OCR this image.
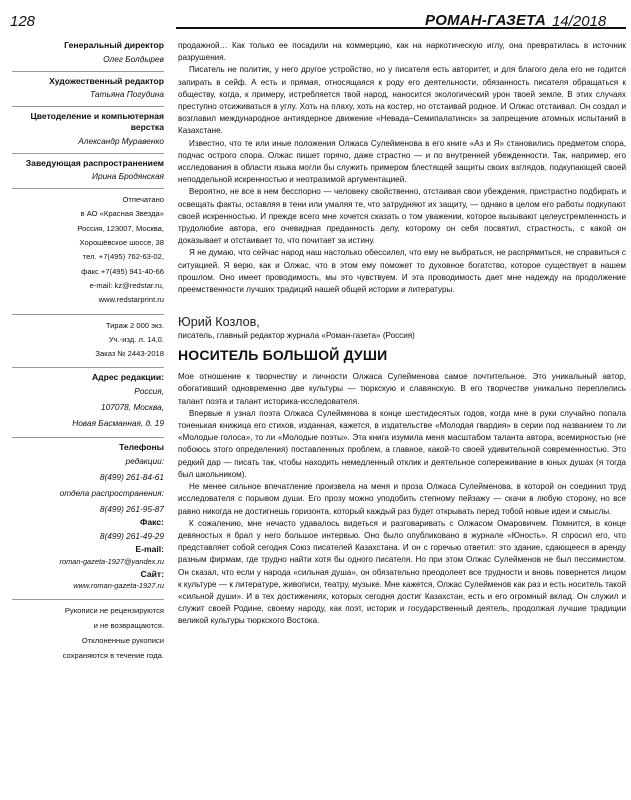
128	РОМАН-ГАЗЕТА 14/2018

Генеральный директор

Олег Болдырев

Художественный редактор

Татьяна Погудина

Цветоделение и компьютерная верстка

Александр Муравенко

Заведующая распространением

Ирина Бродянская

Отпечатано

в АО «Красная Звезда»

Россия, 123007, Москва,

Хорошёвское шоссе, 38

тел. +7(495) 762-63-02,

факс +7(495) 941-40-66

e-mail: kz@redstar.ru,

www.redstarprint.ru

Тираж 2 000 экз.

Уч.-изд. л. 14,0.

Заказ № 2443-2018

Адрес редакции:

Россия,

107078, Москва,

Новая Басманная, д. 19

Телефоны

редакции:

8(499) 261-84-61

отдела распространения:

8(499) 261-95-87

Факс:

8(499) 261-49-29

E-mail:

roman-gazeta-1927@yandex.ru

Сайт:

www.roman-gazeta-1927.ru

Рукописи не рецензируются

и не возвращаются.

Отклоненные рукописи

сохраняются в течение года.

продажной… Как только ее посадили на коммерцию, как на наркотическую иглу, она превратилась в источник разрушения.

Писатель не политик, у него другое устройство, но у писателя есть авторитет, и для благого дела его не годится запирать в сейф. А есть и прямая, относящаяся к роду его деятельности, обязанность писателя обращаться к обществу, когда, к примеру, истребляется твой народ, наносится экологический урон твоей земле. В этих случаях преступно отсиживаться в углу. Хоть на плаху, хоть на костер, но отстаивай родное. И Олжас отстаивал. Он создал и возглавил международное антиядерное движение «Невада–Семипалатинск» за запрещение атомных испытаний в Казахстане.

Известно, что те или иные положения Олжаса Сулейменова в его книге «Аз и Я» становились предметом спора, подчас острого спора. Олжас пишет горячо, даже страстно — и по внутренней убежденности. Так, например, его исследования в области языка могли бы служить примером блестящей защиты своих взглядов, подкупающей своей неподдельной искренностью и неотразимой аргументацией.

Вероятно, не все в нем бесспорно — человеку свойственно, отстаивая свои убеждения, пристрастно подбирать и освещать факты, оставляя в тени или умаляя те, что затрудняют их защиту, — однако в целом его работы подкупают своей искренностью. И прежде всего мне хочется сказать о том уважении, которое вызывают целеустремленность и трудолюбие автора, его очевидная преданность делу, которому он себя посвятил, страстность, с какой он доказывает и отстаивает то, что почитает за истину.

Я не думаю, что сейчас народ наш настолько обессилел, что ему не выбраться, не распрямиться, не справиться с ситуацией. Я верю, как и Олжас, что в этом ему поможет то духовное богатство, которое существует в нашем прошлом. Оно имеет проводимость, мы это чувствуем. И эта проводимость дает мне надежду на продолжение преемственности лучших традиций нашей общей истории и литературы.

Юрий Козлов,
писатель, главный редактор журнала «Роман-газета» (Россия)
НОСИТЕЛЬ БОЛЬШОЙ ДУШИ

Мое отношение к творчеству и личности Олжаса Сулейменова самое почтительное. Это уникальный автор, обогативший одновременно две культуры — тюркскую и славянскую. В его творчестве уникально переплелись талант поэта и талант историка-исследователя.

Впервые я узнал поэта Олжаса Сулейменова в конце шестидесятых годов, когда мне в руки случайно попала тоненькая книжица его стихов, изданная, кажется, в издательстве «Молодая гвардия» в серии под названием то ли «Молодые голоса», то ли «Молодые поэты». Эта книга изумила меня масштабом таланта автора, всемирностью (не побоюсь этого определения) поставленных проблем, а главное, какой-то своей удивительной современностью. Это редкий дар — писать так, чтобы находить немедленный отклик и деятельное сопереживание в юных душах (я тогда был школьником).

Не менее сильное впечатление произвела на меня и проза Олжаса Сулейменова, в которой он соединил труд исследователя с порывом души. Его прозу можно уподобить степному пейзажу — скачи в любую сторону, но все равно никогда не достигнешь горизонта, который каждый раз будет открывать перед тобой новые идеи и смыслы.

К сожалению, мне нечасто удавалось видеться и разговаривать с Олжасом Омаровичем. Помнится, в конце девяностых я брал у него большое интервью. Оно было опубликовано в журнале «Юность». Я спросил его, что представляет собой сегодня Союз писателей Казахстана. И он с горечью ответил: это здание, сдающееся в аренду разным фирмам, где трудно найти хотя бы одного писателя. Но при этом Олжас Сулейменов не был пессимистом. Он сказал, что если у народа «сильная душа», он обязательно преодолеет все трудности и вновь повернется лицом к культуре — к литературе, живописи, театру, музыке. Мне кажется, Олжас Сулейменов как раз и есть носитель такой «сильной души». И в тех достижениях, которых сегодня достиг Казахстан, есть и его огромный вклад. Он служил и служит своей Родине, своему народу, как поэт, историк и государственный деятель, продолжая лучшие традиции великой культуры тюркского Востока.
